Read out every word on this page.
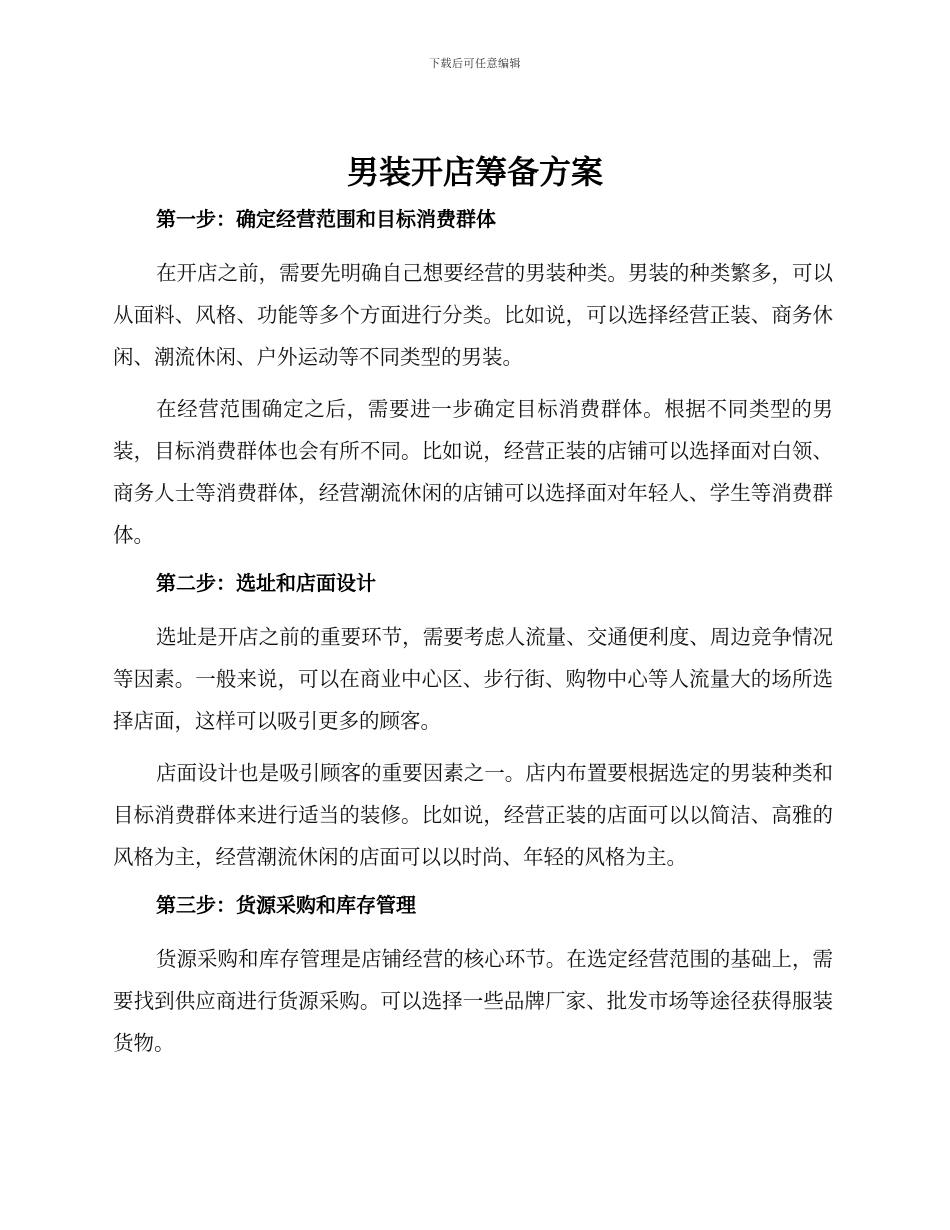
下载后可任意编辑
男装开店筹备方案
第一步：确定经营范围和目标消费群体

在开店之前，需要先明确自己想要经营的男装种类。男装的种类繁多，可以从面料、风格、功能等多个方面进行分类。比如说，可以选择经营正装、商务休闲、潮流休闲、户外运动等不同类型的男装。

在经营范围确定之后，需要进一步确定目标消费群体。根据不同类型的男装，目标消费群体也会有所不同。比如说，经营正装的店铺可以选择面对白领、商务人士等消费群体，经营潮流休闲的店铺可以选择面对年轻人、学生等消费群体。

第二步：选址和店面设计

选址是开店之前的重要环节，需要考虑人流量、交通便利度、周边竞争情况等因素。一般来说，可以在商业中心区、步行街、购物中心等人流量大的场所选择店面，这样可以吸引更多的顾客。

店面设计也是吸引顾客的重要因素之一。店内布置要根据选定的男装种类和目标消费群体来进行适当的装修。比如说，经营正装的店面可以以简洁、高雅的风格为主，经营潮流休闲的店面可以以时尚、年轻的风格为主。

第三步：货源采购和库存管理

货源采购和库存管理是店铺经营的核心环节。在选定经营范围的基础上，需要找到供应商进行货源采购。可以选择一些品牌厂家、批发市场等途径获得服装货物。
